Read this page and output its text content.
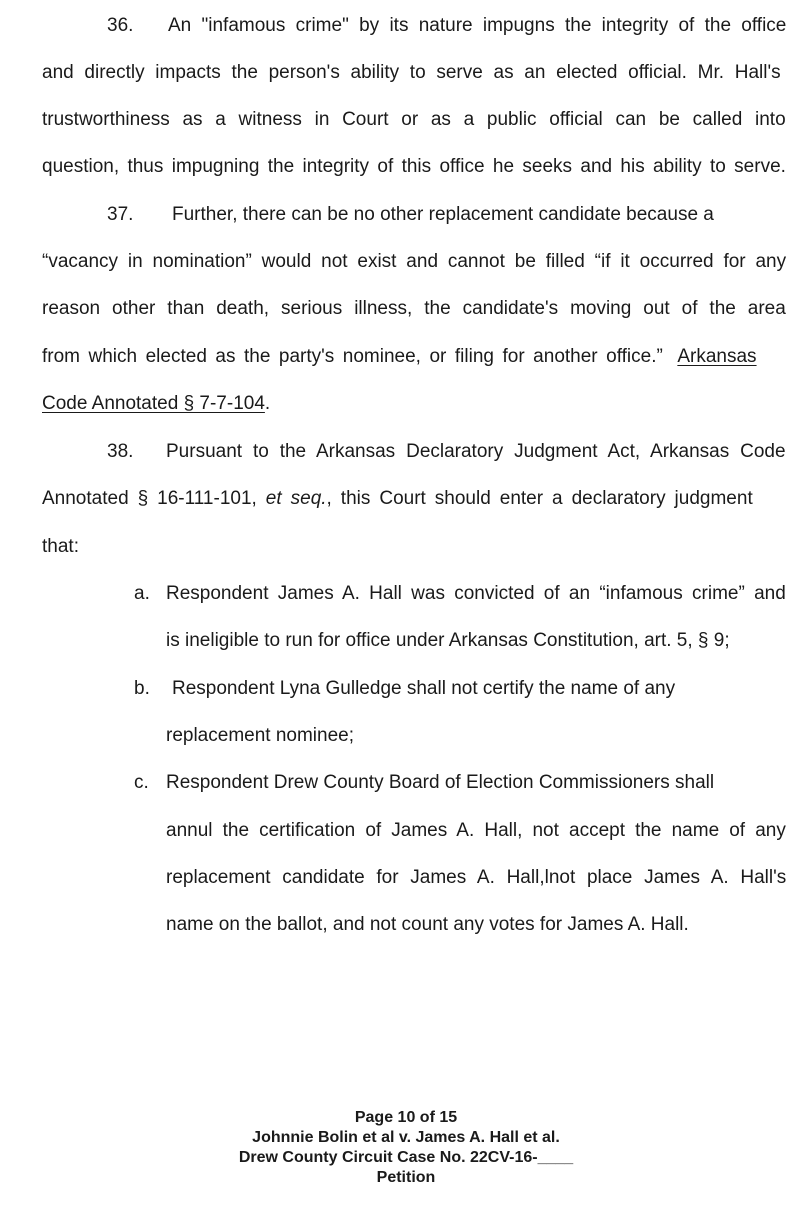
36. An "infamous crime" by its nature impugns the integrity of the office
and directly impacts the person's ability to serve as an elected official. Mr. Hall's
trustworthiness as a witness in Court or as a public official can be called into
question, thus impugning the integrity of this office he seeks and his ability to serve.
37. Further, there can be no other replacement candidate because a
“vacancy in nomination” would not exist and cannot be filled “if it occurred for any
reason other than death, serious illness, the candidate's moving out of the area
from which elected as the party's nominee, or filing for another office.” Arkansas
Code Annotated § 7-7-104.
38. Pursuant to the Arkansas Declaratory Judgment Act, Arkansas Code
Annotated § 16-111-101, et seq., this Court should enter a declaratory judgment
that:
a. Respondent James A. Hall was convicted of an “infamous crime” and
is ineligible to run for office under Arkansas Constitution, art. 5, § 9;
b. Respondent Lyna Gulledge shall not certify the name of any
replacement nominee;
c. Respondent Drew County Board of Election Commissioners shall
annul the certification of James A. Hall, not accept the name of any
replacement candidate for James A. Hall,lnot place James A. Hall's
name on the ballot, and not count any votes for James A. Hall.
Page 10 of 15
Johnnie Bolin et al v. James A. Hall et al.
Drew County Circuit Case No. 22CV-16-____
Petition
